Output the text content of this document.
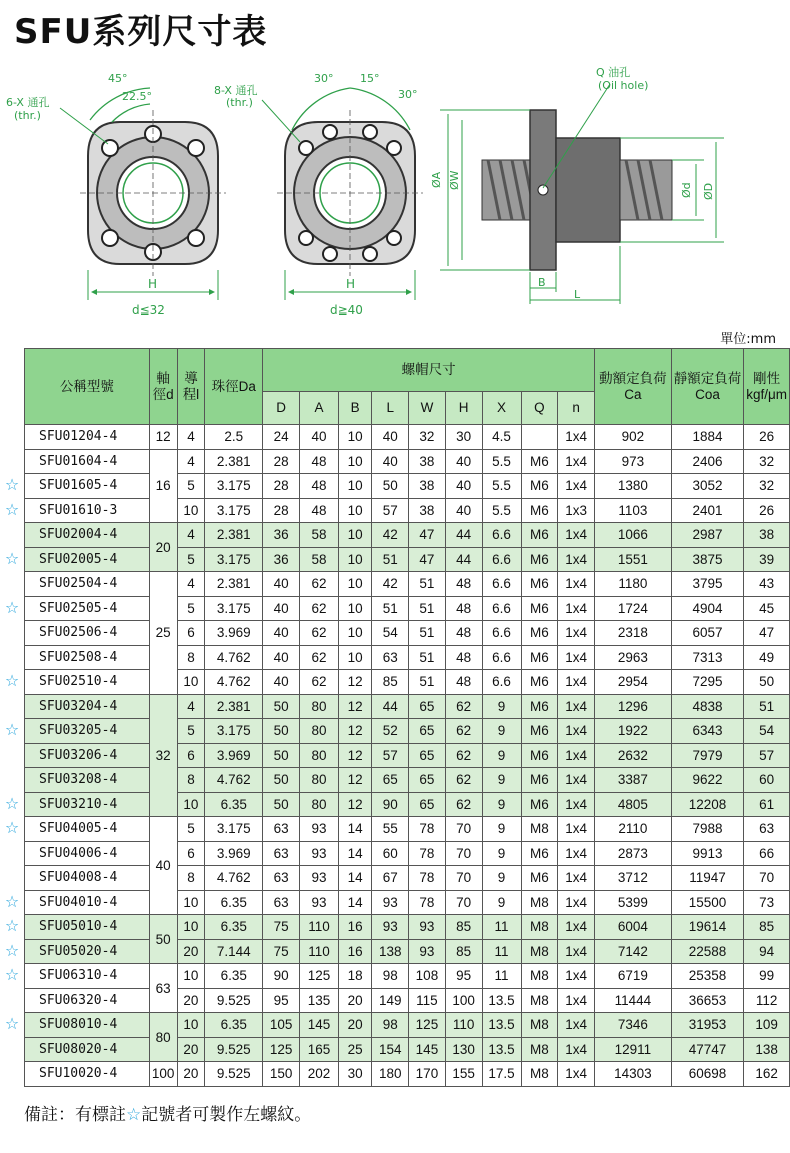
SFU系列尺寸表
45°
22.5°
6-X 通孔
(thr.)
H
d≦32
30° 15°
30°
8-X 通孔
(thr.)
H
d≧40
Q 油孔
(Oil hole)
ØA ØW
Ød ØD
B
L
單位:mm
公稱型號	軸徑d	導程l	珠徑Da	螺帽尺寸									動額定負荷Ca	靜額定負荷Coa	剛性kgf/μm
				D	A	B	L	W	H	X	Q	n			
SFU01204-4	12	4	2.5	24	40	10	40	32	30	4.5		1x4	902	1884	26
SFU01604-4	16	4	2.381	28	48	10	40	38	40	5.5	M6	1x4	973	2406	32
SFU01605-4		5	3.175	28	48	10	50	38	40	5.5	M6	1x4	1380	3052	32
SFU01610-3		10	3.175	28	48	10	57	38	40	5.5	M6	1x3	1103	2401	26
SFU02004-4	20	4	2.381	36	58	10	42	47	44	6.6	M6	1x4	1066	2987	38
SFU02005-4		5	3.175	36	58	10	51	47	44	6.6	M6	1x4	1551	3875	39
SFU02504-4	25	4	2.381	40	62	10	42	51	48	6.6	M6	1x4	1180	3795	43
SFU02505-4		5	3.175	40	62	10	51	51	48	6.6	M6	1x4	1724	4904	45
SFU02506-4		6	3.969	40	62	10	54	51	48	6.6	M6	1x4	2318	6057	47
SFU02508-4		8	4.762	40	62	10	63	51	48	6.6	M6	1x4	2963	7313	49
SFU02510-4		10	4.762	40	62	12	85	51	48	6.6	M6	1x4	2954	7295	50
SFU03204-4	32	4	2.381	50	80	12	44	65	62	9	M6	1x4	1296	4838	51
SFU03205-4		5	3.175	50	80	12	52	65	62	9	M6	1x4	1922	6343	54
SFU03206-4		6	3.969	50	80	12	57	65	62	9	M6	1x4	2632	7979	57
SFU03208-4		8	4.762	50	80	12	65	65	62	9	M6	1x4	3387	9622	60
SFU03210-4		10	6.35	50	80	12	90	65	62	9	M6	1x4	4805	12208	61
SFU04005-4	40	5	3.175	63	93	14	55	78	70	9	M8	1x4	2110	7988	63
SFU04006-4		6	3.969	63	93	14	60	78	70	9	M6	1x4	2873	9913	66
SFU04008-4		8	4.762	63	93	14	67	78	70	9	M6	1x4	3712	11947	70
SFU04010-4		10	6.35	63	93	14	93	78	70	9	M8	1x4	5399	15500	73
SFU05010-4	50	10	6.35	75	110	16	93	93	85	11	M8	1x4	6004	19614	85
SFU05020-4		20	7.144	75	110	16	138	93	85	11	M8	1x4	7142	22588	94
SFU06310-4	63	10	6.35	90	125	18	98	108	95	11	M8	1x4	6719	25358	99
SFU06320-4		20	9.525	95	135	20	149	115	100	13.5	M8	1x4	11444	36653	112
SFU08010-4	80	10	6.35	105	145	20	98	125	110	13.5	M8	1x4	7346	31953	109
SFU08020-4		20	9.525	125	165	25	154	145	130	13.5	M8	1x4	12911	47747	138
SFU10020-4	100	20	9.525	150	202	30	180	170	155	17.5	M8	1x4	14303	60698	162
☆
☆
☆
☆
☆
☆
☆
☆
☆
☆
☆
☆
☆
備註：有標註☆記號者可製作左螺紋。
